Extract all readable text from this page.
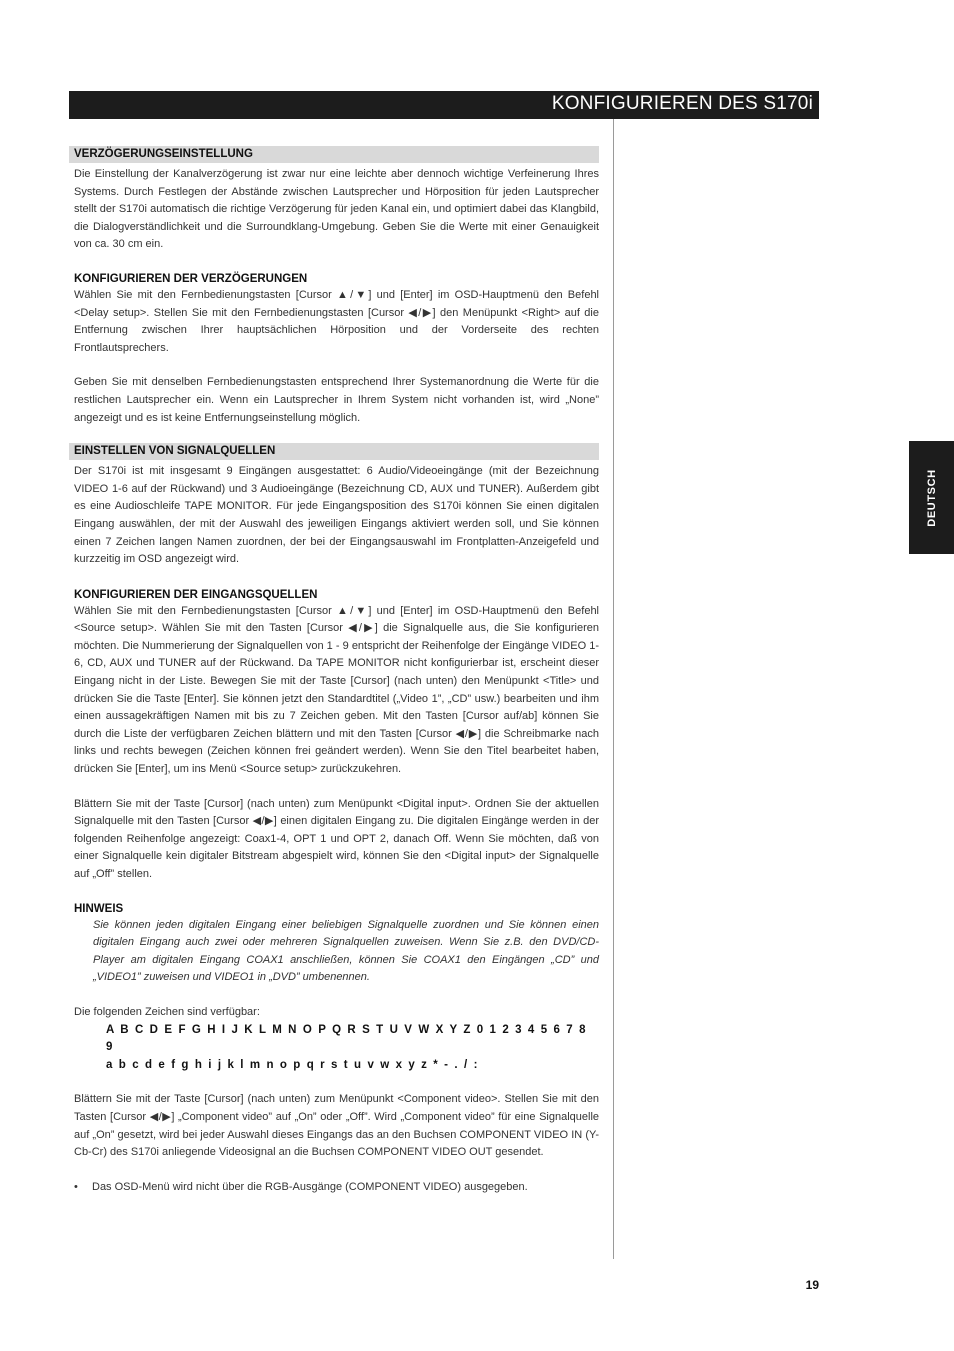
KONFIGURIEREN DES S170i
DEUTSCH
VERZÖGERUNGSEINSTELLUNG

Die Einstellung der Kanalverzögerung ist zwar nur eine leichte aber dennoch wichtige Verfeinerung Ihres Systems. Durch Festlegen der Abstände zwischen Lautsprecher und Hörposition für jeden Lautsprecher stellt der S170i automatisch die richtige Verzögerung für jeden Kanal ein, und optimiert dabei das Klangbild, die Dialogverständlichkeit und die Surroundklang-Umgebung. Geben Sie die Werte mit einer Genauigkeit von ca. 30 cm ein.

KONFIGURIEREN DER VERZÖGERUNGEN

Wählen Sie mit den Fernbedienungstasten [Cursor ▲/▼] und [Enter] im OSD-Hauptmenü den Befehl <Delay setup>. Stellen Sie mit den Fernbedienungstasten [Cursor ◀/▶] den Menüpunkt <Right> auf die Entfernung zwischen Ihrer hauptsächlichen Hörposition und der Vorderseite des rechten Frontlautsprechers.

Geben Sie mit denselben Fernbedienungstasten entsprechend Ihrer Systemanordnung die Werte für die restlichen Lautsprecher ein. Wenn ein Lautsprecher in Ihrem System nicht vorhanden ist, wird „None” angezeigt und es ist keine Entfernungseinstellung möglich.

EINSTELLEN VON SIGNALQUELLEN

Der S170i ist mit insgesamt 9 Eingängen ausgestattet: 6 Audio/Videoeingänge (mit der Bezeichnung VIDEO 1-6 auf der Rückwand) und 3 Audioeingänge (Bezeichnung CD, AUX und TUNER). Außerdem gibt es eine Audioschleife TAPE MONITOR. Für jede Eingangsposition des S170i können Sie einen digitalen Eingang auswählen, der mit der Auswahl des jeweiligen Eingangs aktiviert werden soll, und Sie können einen 7 Zeichen langen Namen zuordnen, der bei der Eingangsauswahl im Frontplatten-Anzeigefeld und kurzzeitig im OSD angezeigt wird.

KONFIGURIEREN DER EINGANGSQUELLEN

Wählen Sie mit den Fernbedienungstasten [Cursor ▲/▼] und [Enter] im OSD-Hauptmenü den Befehl <Source setup>. Wählen Sie mit den Tasten [Cursor ◀/▶] die Signalquelle aus, die Sie konfigurieren möchten. Die Nummerierung der Signalquellen von 1 - 9 entspricht der Reihenfolge der Eingänge VIDEO 1-6, CD, AUX und TUNER auf der Rückwand. Da TAPE MONITOR nicht konfigurierbar ist, erscheint dieser Eingang nicht in der Liste. Bewegen Sie mit der Taste [Cursor] (nach unten) den Menüpunkt <Title> und drücken Sie die Taste [Enter]. Sie können jetzt den Standardtitel („Video 1”, „CD” usw.) bearbeiten und ihm einen aussagekräftigen Namen mit bis zu 7 Zeichen geben. Mit den Tasten [Cursor auf/ab] können Sie durch die Liste der verfügbaren Zeichen blättern und mit den Tasten [Cursor ◀/▶] die Schreibmarke nach links und rechts bewegen (Zeichen können frei geändert werden). Wenn Sie den Titel bearbeitet haben, drücken Sie [Enter], um ins Menü <Source setup> zurückzukehren.

Blättern Sie mit der Taste [Cursor] (nach unten) zum Menüpunkt <Digital input>. Ordnen Sie der aktuellen Signalquelle mit den Tasten [Cursor ◀/▶] einen digitalen Eingang zu. Die digitalen Eingänge werden in der folgenden Reihenfolge angezeigt: Coax1-4, OPT 1 und OPT 2, danach Off. Wenn Sie möchten, daß von einer Signalquelle kein digitaler Bitstream abgespielt wird, können Sie den <Digital input> der Signalquelle auf „Off” stellen.

HINWEIS

Sie können jeden digitalen Eingang einer beliebigen Signalquelle zuordnen und Sie können einen digitalen Eingang auch zwei oder mehreren Signalquellen zuweisen. Wenn Sie z.B. den DVD/CD-Player am digitalen Eingang COAX1 anschließen, können Sie COAX1 den Eingängen „CD” und „VIDEO1” zuweisen und VIDEO1 in „DVD” umbenennen.

Die folgenden Zeichen sind verfügbar:

A B C D E F G H I J K L M N O P Q R S T U V W X Y Z 0 1 2 3 4 5 6 7 8 9

a b c d e f g h i j k l m n o p q r s t u v w x y z * - . / :

Blättern Sie mit der Taste [Cursor] (nach unten) zum Menüpunkt <Component video>. Stellen Sie mit den Tasten [Cursor ◀/▶] „Component video” auf „On” oder „Off”. Wird „Component video” für eine Signalquelle auf „On” gesetzt, wird bei jeder Auswahl dieses Eingangs das an den Buchsen COMPONENT VIDEO IN (Y-Cb-Cr) des S170i anliegende Videosignal an die Buchsen COMPONENT VIDEO OUT gesendet.

• Das OSD-Menü wird nicht über die RGB-Ausgänge (COMPONENT VIDEO) ausgegeben.
19
